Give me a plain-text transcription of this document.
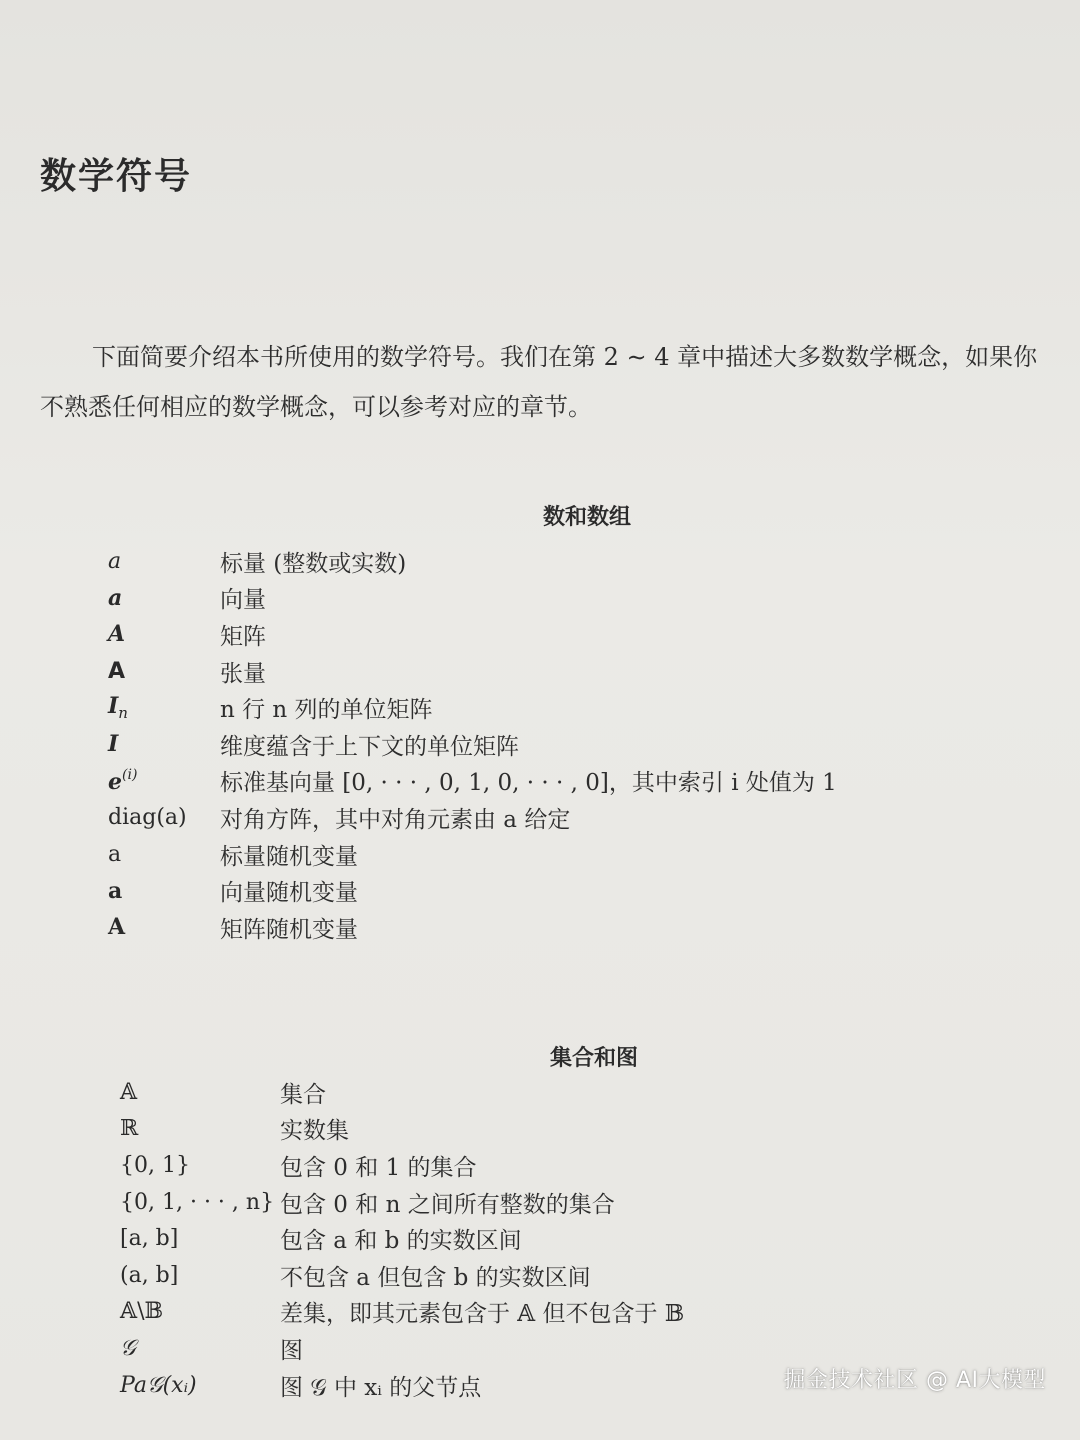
数学符号

下面简要介绍本书所使用的数学符号。我们在第 2 ∼ 4 章中描述大多数数学概念，如果你不熟悉任何相应的数学概念，可以参考对应的章节。

数和数组
a	标量 (整数或实数)
a	向量
A	矩阵
A	张量
$I_n$	n 行 n 列的单位矩阵
I	维度蕴含于上下文的单位矩阵
$e^{(i)}$	标准基向量 [0, · · · , 0, 1, 0, · · · , 0]，其中索引 i 处值为 1
diag(a)	对角方阵，其中对角元素由 a 给定
a	标量随机变量
a	向量随机变量
A	矩阵随机变量
集合和图
𝔸	集合
ℝ	实数集
{0, 1}	包含 0 和 1 的集合
{0, 1, · · · , n} 包含 0 和 n 之间所有整数的集合
[a, b]	包含 a 和 b 的实数区间
(a, b]	不包含 a 但包含 b 的实数区间
𝔸\𝔹	差集，即其元素包含于 𝔸 但不包含于 𝔹
𝒢	图
Pa𝒢(xᵢ)	图 𝒢 中 xᵢ 的父节点	掘金技术社区 @ AI大模型
